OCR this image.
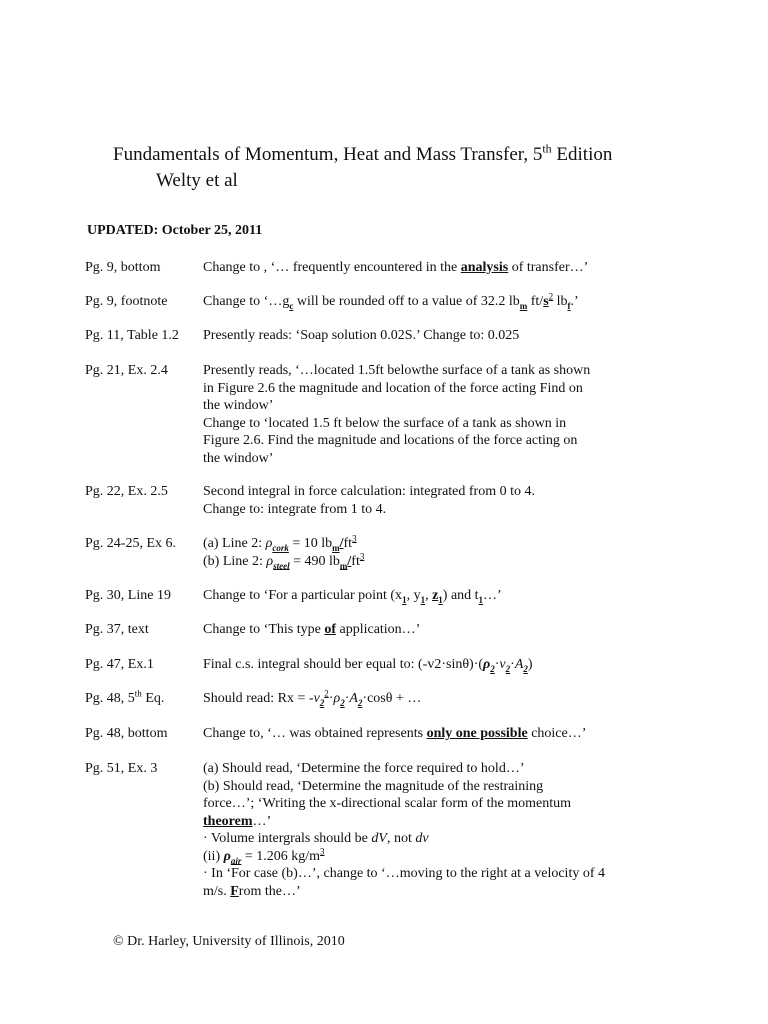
Fundamentals of Momentum, Heat and Mass Transfer, 5th Edition
Welty et al
UPDATED: October 25, 2011
Pg. 9, bottom	Change to , ‘… frequently encountered in the analysis of transfer…’
Pg. 9, footnote	Change to ‘$\dots g_c$ will be rounded off to a value of 32.2 $lb_m$ $ft/s^2$ $lb_f$.’
Pg. 11, Table 1.2	Presently reads: ‘Soap solution 0.02S.’ Change to: 0.025
Pg. 21, Ex. 2.4	Presently reads, ‘…located 1.5ft belowthe surface of a tank as shown
in Figure 2.6 the magnitude and location of the force acting Find on
the window’
Change to ‘located 1.5 ft below the surface of a tank as shown in
Figure 2.6. Find the magnitude and locations of the force acting on
the window’
Pg. 22, Ex. 2.5	Second integral in force calculation: integrated from 0 to 4.
Change to: integrate from 1 to 4.
Pg. 24-25, Ex 6.	(a) Line 2: $\rho_{cork} = 10$ $lb_m/ft^3$
(b) Line 2: $\rho_{steel} = 490$ $lb_m/ft^3$
Pg. 30, Line 19	Change to ‘For a particular point ($x_1$, $y_1$, $z_1$) and $t_1\dots$’
Pg. 37, text	Change to ‘This type of application…’
Pg. 47, Ex.1	Final c.s. integral should ber equal to: $(-v2\cdot\sin\theta)\cdot(\rho_2\cdot v_2\cdot A_2)$
Pg. 48, 5th Eq.	Should read: $Rx = -v_2^2\cdot\rho_2\cdot A_2\cdot\cos\theta$ + …
Pg. 48, bottom	Change to, ‘… was obtained represents only one possible choice…’
Pg. 51, Ex. 3	(a) Should read, ‘Determine the force required to hold…’
(b) Should read, ‘Determine the magnitude of the restraining
force…’; ‘Writing the x-directional scalar form of the momentum
theorem…’
· Volume intergrals should be dV, not dv
(ii) $\rho_{air} = 1.206$ $kg/m^3$
· In ‘For case (b)…’, change to ‘…moving to the right at a velocity of 4
m/s. From the…’
© Dr. Harley, University of Illinois, 2010
